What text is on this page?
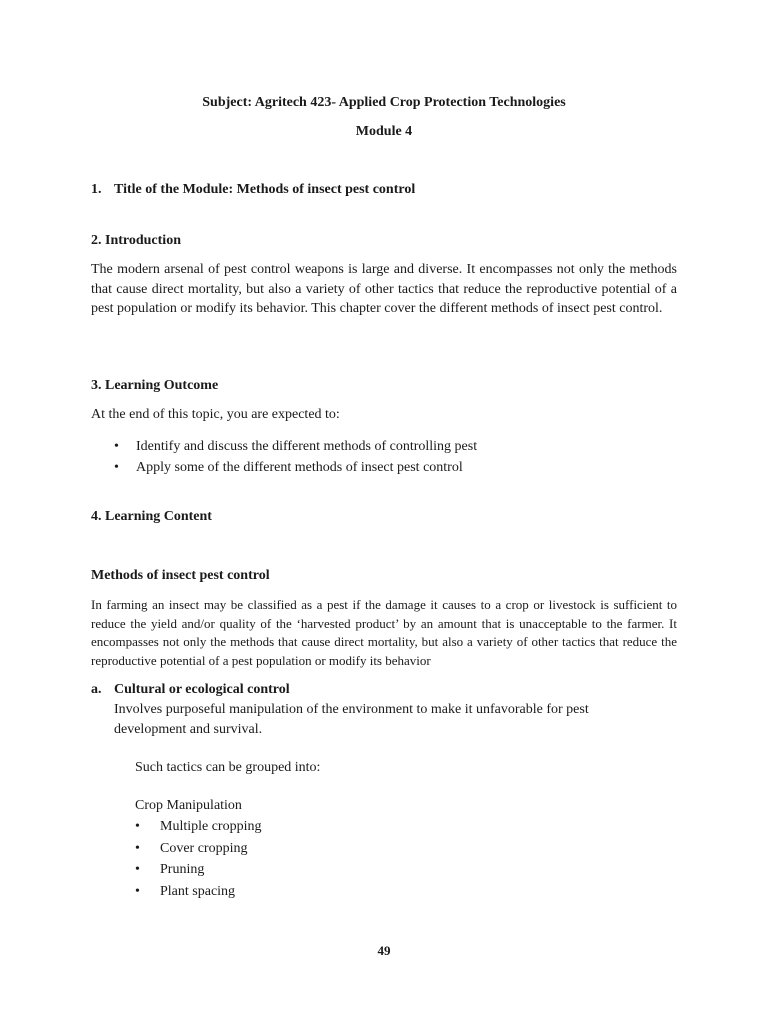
Subject: Agritech 423- Applied Crop Protection Technologies
Module 4
1. Title of the Module: Methods of insect pest control
2. Introduction
The modern arsenal of pest control weapons is large and diverse. It encompasses not only the methods that cause direct mortality, but also a variety of other tactics that reduce the reproductive potential of a pest population or modify its behavior. This chapter cover the different methods of insect pest control.
3. Learning Outcome
At the end of this topic, you are expected to:
• Identify and discuss the different methods of controlling pest
• Apply some of the different methods of insect pest control
4. Learning Content
Methods of insect pest control
In farming an insect may be classified as a pest if the damage it causes to a crop or livestock is sufficient to reduce the yield and/or quality of the ‘harvested product’ by an amount that is unacceptable to the farmer. It encompasses not only the methods that cause direct mortality, but also a variety of other tactics that reduce the reproductive potential of a pest population or modify its behavior
a. Cultural or ecological control
Involves purposeful manipulation of the environment to make it unfavorable for pest development and survival.
Such tactics can be grouped into:
Crop Manipulation
• Multiple cropping
• Cover cropping
• Pruning
• Plant spacing
49
